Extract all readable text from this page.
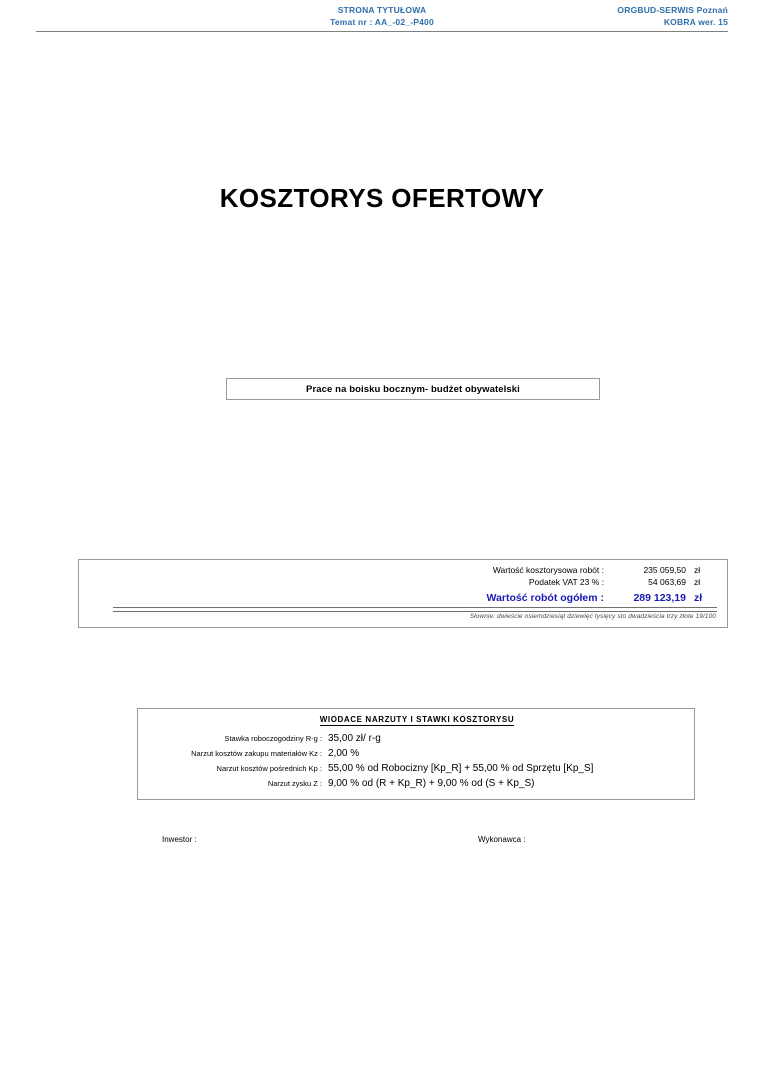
STRONA TYTUŁOWA
Temat nr : AA_-02_-P400
ORGBUD-SERWIS Poznań
KOBRA wer. 15
KOSZTORYS OFERTOWY
Prace na boisku bocznym- budżet obywatelski
Wartość kosztorysowa robót :	235 059,50	zł
Podatek VAT 23 % :	54 063,69	zł
Wartość robót ogółem :	289 123,19	zł
Słownie: dwieście osiemdziesiąt dziewięć tysięcy sto dwadzieścia trzy złote 19/100
WIODACE NARZUTY I STAWKI KOSZTORYSU
Stawka roboczogodziny R-g :	35,00 zł/ r-g
Narzut kosztów zakupu materiałów Kz :	2,00 %
Narzut kosztów pośrednich Kp :	55,00 % od Robocizny [Kp_R] + 55,00 % od Sprzętu [Kp_S]
Narzut zysku Z :	9,00 % od (R + Kp_R) + 9,00 % od (S + Kp_S)
Inwestor :	Wykonawca :
